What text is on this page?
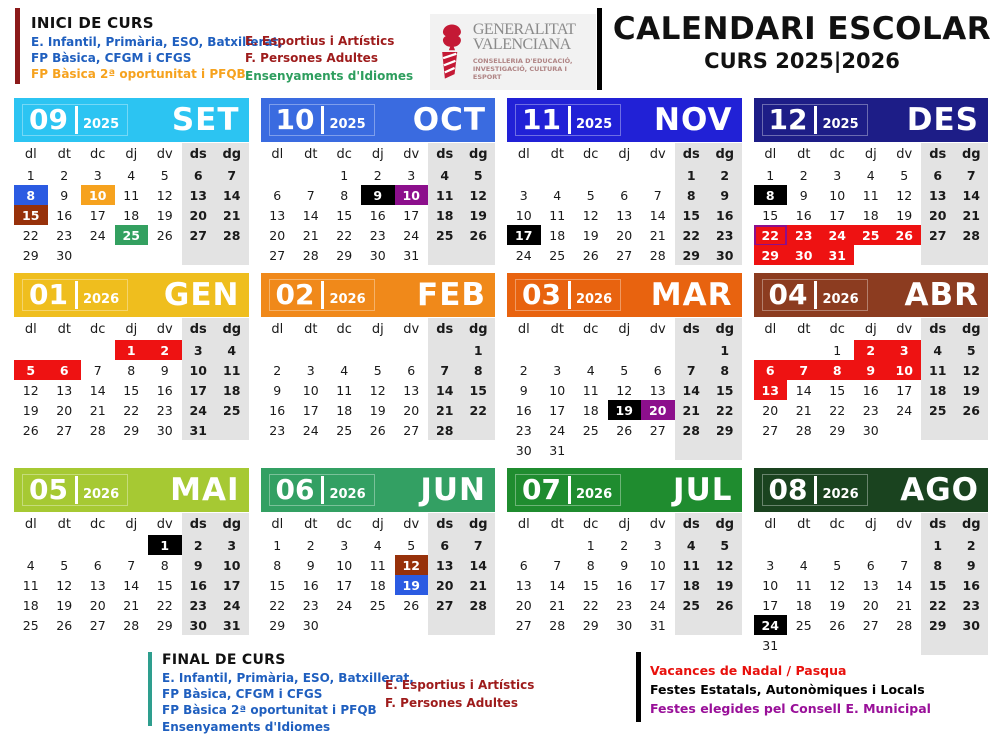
INICI DE CURS
E. Infantil, Primària, ESO, Batxillerat,
FP Bàsica, CFGM i CFGS
FP Bàsica 2ª oportunitat i PFQB
E. Esportius i Artístics
F. Persones Adultes
Ensenyaments d'Idiomes
GENERALITAT
VALENCIANA
CONSELLERIA D'EDUCACIÓ,
INVESTIGACIÓ, CULTURA I ESPORT
CALENDARI ESCOLAR
CURS 2025|2026
09 2025 SET
dl	dt	dc	dj	dv	ds	dg
1	2	3	4	5	6	7
8	9	10	11	12	13	14
15	16	17	18	19	20	21
22	23	24	25	26	27	28
29	30					
10 2025 OCT
dl	dt	dc	dj	dv	ds	dg
		1	2	3	4	5
6	7	8	9	10	11	12
13	14	15	16	17	18	19
20	21	22	23	24	25	26
27	28	29	30	31		
11 2025 NOV
dl	dt	dc	dj	dv	ds	dg
					1	2
3	4	5	6	7	8	9
10	11	12	13	14	15	16
17	18	19	20	21	22	23
24	25	26	27	28	29	30
12 2025 DES
dl	dt	dc	dj	dv	ds	dg
1	2	3	4	5	6	7
8	9	10	11	12	13	14
15	16	17	18	19	20	21
22	23	24	25	26	27	28
29	30	31				
01 2026 GEN
dl	dt	dc	dj	dv	ds	dg
			1	2	3	4
5	6	7	8	9	10	11
12	13	14	15	16	17	18
19	20	21	22	23	24	25
26	27	28	29	30	31	
02 2026 FEB
dl	dt	dc	dj	dv	ds	dg
						1
2	3	4	5	6	7	8
9	10	11	12	13	14	15
16	17	18	19	20	21	22
23	24	25	26	27	28	
03 2026 MAR
dl	dt	dc	dj	dv	ds	dg
						1
2	3	4	5	6	7	8
9	10	11	12	13	14	15
16	17	18	19	20	21	22
23	24	25	26	27	28	29
30	31					
04 2026 ABR
dl	dt	dc	dj	dv	ds	dg
		1	2	3	4	5
6	7	8	9	10	11	12
13	14	15	16	17	18	19
20	21	22	23	24	25	26
27	28	29	30			
05 2026 MAI
dl	dt	dc	dj	dv	ds	dg
				1	2	3
4	5	6	7	8	9	10
11	12	13	14	15	16	17
18	19	20	21	22	23	24
25	26	27	28	29	30	31
06 2026 JUN
dl	dt	dc	dj	dv	ds	dg
1	2	3	4	5	6	7
8	9	10	11	12	13	14
15	16	17	18	19	20	21
22	23	24	25	26	27	28
29	30					
07 2026 JUL
dl	dt	dc	dj	dv	ds	dg
		1	2	3	4	5
6	7	8	9	10	11	12
13	14	15	16	17	18	19
20	21	22	23	24	25	26
27	28	29	30	31		
08 2026 AGO
dl	dt	dc	dj	dv	ds	dg
					1	2
3	4	5	6	7	8	9
10	11	12	13	14	15	16
17	18	19	20	21	22	23
24	25	26	27	28	29	30
31						
FINAL DE CURS
E. Infantil, Primària, ESO, Batxillerat,
FP Bàsica, CFGM i CFGS
FP Bàsica 2ª oportunitat i PFQB
Ensenyaments d'Idiomes
E. Esportius i Artístics
F. Persones Adultes
Vacances de Nadal / Pasqua
Festes Estatals, Autonòmiques i Locals
Festes elegides pel Consell E. Municipal
